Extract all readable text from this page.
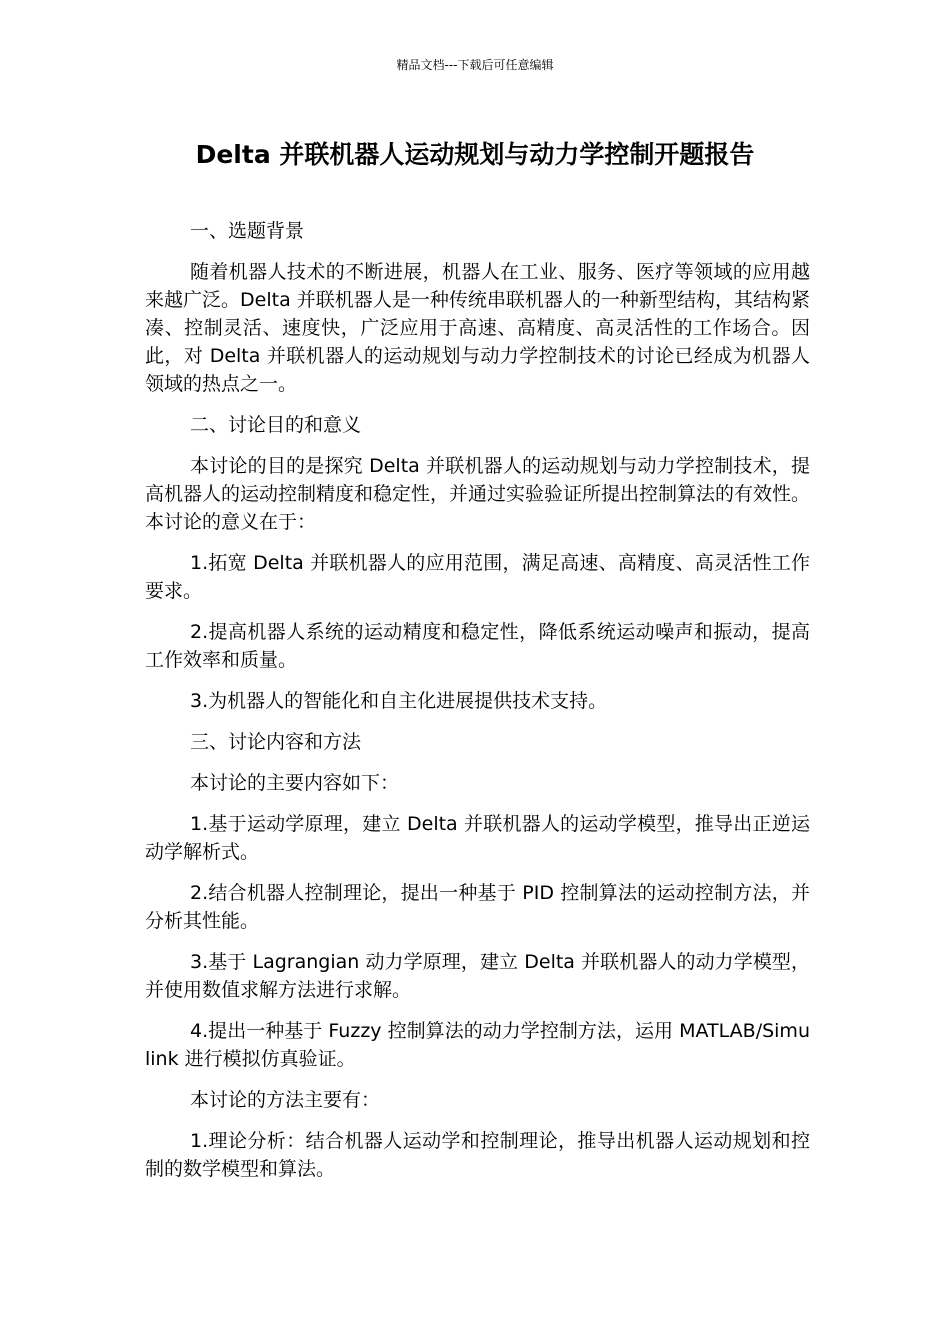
精品文档---下载后可任意编辑
Delta 并联机器人运动规划与动力学控制开题报告

一、选题背景

随着机器人技术的不断进展，机器人在工业、服务、医疗等领域的应用越来越广泛。Delta 并联机器人是一种传统串联机器人的一种新型结构，其结构紧凑、控制灵活、速度快，广泛应用于高速、高精度、高灵活性的工作场合。因此，对 Delta 并联机器人的运动规划与动力学控制技术的讨论已经成为机器人领域的热点之一。

二、讨论目的和意义

本讨论的目的是探究 Delta 并联机器人的运动规划与动力学控制技术，提高机器人的运动控制精度和稳定性，并通过实验验证所提出控制算法的有效性。本讨论的意义在于：

1.拓宽 Delta 并联机器人的应用范围，满足高速、高精度、高灵活性工作要求。

2.提高机器人系统的运动精度和稳定性，降低系统运动噪声和振动，提高工作效率和质量。

3.为机器人的智能化和自主化进展提供技术支持。

三、讨论内容和方法

本讨论的主要内容如下：

1.基于运动学原理，建立 Delta 并联机器人的运动学模型，推导出正逆运动学解析式。

2.结合机器人控制理论，提出一种基于 PID 控制算法的运动控制方法，并分析其性能。

3.基于 Lagrangian 动力学原理，建立 Delta 并联机器人的动力学模型，并使用数值求解方法进行求解。

4.提出一种基于 Fuzzy 控制算法的动力学控制方法，运用 MATLAB/Simulink 进行模拟仿真验证。

本讨论的方法主要有：

1.理论分析：结合机器人运动学和控制理论，推导出机器人运动规划和控制的数学模型和算法。
